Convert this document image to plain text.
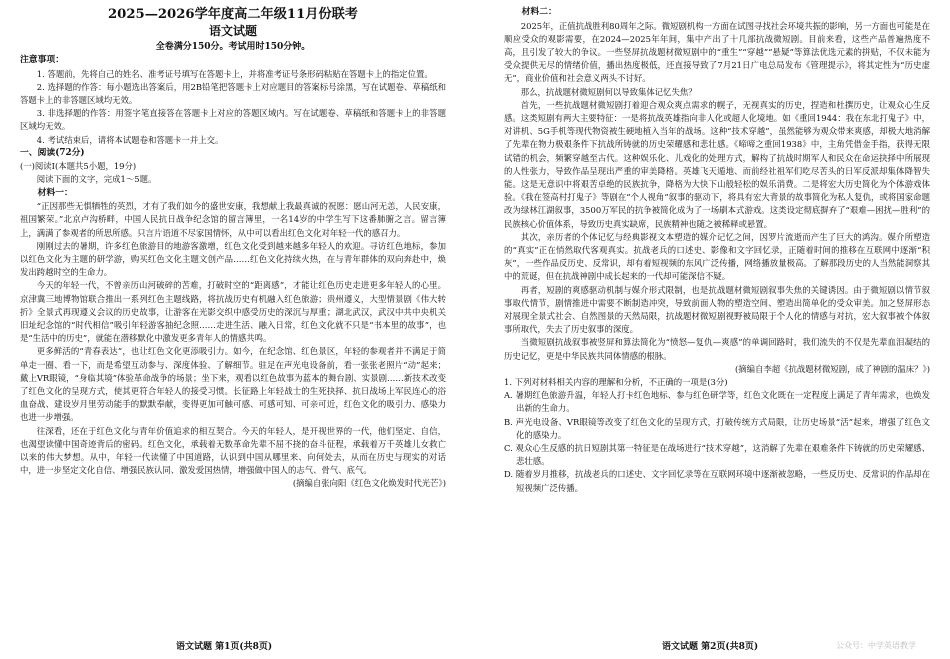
2025—2026学年度高二年级11月份联考
语文试题
全卷满分150分。考试用时150分钟。
注意事项：

1. 答题前，先将自己的姓名、准考证号填写在答题卡上，并将准考证号条形码粘贴在答题卡上的指定位置。

2. 选择题的作答：每小题选出答案后，用2B铅笔把答题卡上对应题目的答案标号涂黑，写在试题卷、草稿纸和答题卡上的非答题区域均无效。

3. 非选择题的作答：用签字笔直接答在答题卡上对应的答题区域内。写在试题卷、草稿纸和答题卡上的非答题区域均无效。

4. 考试结束后，请将本试题卷和答题卡一并上交。

一、阅读(72分)

(一)阅读Ⅰ(本题共5小题，19分)

阅读下面的文字，完成1～5题。

材料一：

“正因那些无惧牺牲的英烈，才有了我们如今的盛世安康，我想献上我最真诚的祝愿：愿山河无恙，人民安康，祖国繁荣。”北京卢沟桥畔，中国人民抗日战争纪念馆的留言簿里，一名14岁的中学生写下这番肺腑之言。留言簿上，满满了参观者的所思所感。只言片语道不尽家国情怀，从中可以看出红色文化对年轻一代的感召力。

刚刚过去的暑期，许多红色旅游目的地游客激增，红色文化受到越来越多年轻人的欢迎。寻访红色地标，参加以红色文化为主题的研学游，购买红色文化主题文创产品……红色文化持续火热，在与青年群体的双向奔赴中，焕发出跨越时空的生命力。

今天的年轻一代，不曾亲历山河破碎的苦难，打破时空的“距离感”，才能让红色历史走进更多年轻人的心里。京津冀三地博物馆联合推出一系列红色主题线路，将抗战历史有机融入红色旅游；贵州遵义，大型情景剧《伟大转折》全景式再现遵义会议的历史故事，让游客在光影交织中感受历史的深沉与厚重；湖北武汉，武汉中共中央机关旧址纪念馆的“时代相信”吸引年轻游客抽纪念照……走进生活、融入日常，红色文化就不只是“书本里的故事”，也是“生活中的历史”，就能在潜移默化中激发更多青年人的情感共鸣。

更多鲜活的“青春表达”，也让红色文化更添吸引力。如今，在纪念馆、红色景区，年轻的参观者并不满足于简单走一圈、看一下，而是希望互动参与、深度体验、了解细节。驻足在声光电设备前，看一张张老照片“动”起来；戴上VR眼镜，“身临其境”体验革命战争的场景；坐下来，观看以红色故事为蓝本的舞台剧、实景剧……新技术改变了红色文化的呈现方式，使其更符合年轻人的接受习惯。长征路上年轻战士的生死抉择、抗日战场上军民连心的浴血奋战、建设岁月里劳动能手的默默奉献，变得更加可触可感、可感可知、可亲可近，红色文化的吸引力、感染力也进一步增强。

往深看，还在于红色文化与青年价值追求的相互契合。今天的年轻人，是开视世界的一代，他们坚定、自信，也渴望读懂中国奇迹背后的密码。红色文化，承载着无数革命先辈不屈不挠的奋斗征程，承载着万千英雄儿女救亡以来的伟大梦想。从中，年轻一代读懂了中国道路，认识到中国从哪里来、向何处去，从而在历史与现实的对话中，进一步坚定文化自信、增强民族认同、激发爱国热情，增强做中国人的志气、骨气、底气。

(摘编自张向阳《红色文化焕发时代光芒》)

材料二：

2025年，正值抗战胜利80周年之际。微短剧机构一方面在试图寻找社会环境共振的影响，另一方面也可能是在顺应受众的观影需要，在2024—2025年年间，集中产出了十几部抗战微短剧。目前来看，这些产品普遍热度不高，且引发了较大的争议。一些竖屏抗战题材微短剧中的“重生”“穿越”“悬疑”等算法优选元素的拼贴，不仅未能为受众提供无尽的情绪价值，播出热度极低，还直接导致了7月21日广电总局发布《管理提示》，将其定性为“历史虚无”，商业价值和社会意义两头不讨好。

那么，抗战题材微短剧何以导致集体记忆失焦？

首先，一些抗战题材微短剧打着迎合观众爽点需求的幌子，无视真实的历史，捏造和杜撰历史，让观众心生反感。这类短剧有两大主要特征：一是将抗战英雄指向非人化或超人化境地。如《重回1944：我在东北打鬼子》中，对讲机、5G手机等现代物资被生硬地植入当年的战场。这种“技术穿越”，虽然能够为观众带来爽感，却极大地消解了先辈在物力极艰条件下抗战所铸就的历史荣耀感和悲壮感。《啼啼之重回1938》中，主角凭借金手指，获得无限试错的机会，频繁穿越至古代。这种娱乐化、儿戏化的处理方式，解构了抗战时期军人和民众在命运抉择中所展现的人性张力，导致作品呈现出严重的审美降格。英雄飞天遁地、而前经社祖军们吃尽苦头的日军反派却集体降智失能。这是无意识中将艰苦卓绝的民族抗争，降格为大快下山般轻松的娱乐消费。二是将宏大历史简化为个体游戏体验。《我在签高村打鬼子》等剧在“个人视角”叙事的驱动下，将具有宏大背景的故事简化为私人复仇，或将国家命题改为绿林江湖叙事，3500万军民的抗争被简化成为了一场刷本式游戏。这类设定彻底摒弃了“艰难—困扰—胜利”的民族核心价值体系，导致历史真实缺席，民族精神也随之被稀释或悬置。

其次，亲历者的个体记忆与经典影视文本塑造的媒介记忆之间，因罗片流逝而产生了巨大的鸿沟。媒介所塑造的“真实”正在悄然取代客观真实。抗战老兵的口述史、影像和文字回忆录，正随着时间的推移在互联网中逐渐“积灰”，一些作品反历史、反常识，却有着短视频的东风广泛传播，网络播放量极高。了解那段历史的人当然能洞察其中的荒诞，但在抗战神剧中成长起来的一代却可能深信不疑。

再者，短剧的爽感驱动机制与媒介形式限制，也是抗战题材微短剧叙事失焦的关键诱因。由于微短剧以情节叙事取代情节，剧情推进中需要不断制造冲突，导致前面人物的塑造空间、塑造出简单化的受众审美。加之竖屏形态对展现全景式社会、自然图景的天然局限，抗战题材微短剧视野被局限于个人化的情感与对抗，宏大叙事被个体叙事所取代，失去了历史叙事的深度。

当微短剧抗战叙事被竖屏和算法简化为“愤怒—复仇—爽感”的单调回路时，我们流失的不仅是先辈血泪凝结的历史记忆，更是中华民族共同体情感的根脉。

(摘编自李超《抗战题材微短剧，成了神剧的温床？》)

1. 下列对材料相关内容的理解和分析，不正确的一项是(3分)

A. 暑期红色旅游升温，年轻人打卡红色地标、参与红色研学等，红色文化既在一定程度上满足了青年需求，也焕发出新的生命力。

B. 声光电设备、VR眼镜等改变了红色文化的呈现方式，打破传统方式局限，让历史场景“活”起来，增强了红色文化的感染力。

C. 观众心生反感的抗日短剧其第一特征是在战场进行“技术穿越”，这消解了先辈在艰难条件下铸就的历史荣耀感、悲壮感。

D. 随着岁月推移，抗战老兵的口述史、文字回忆录等在互联网环境中逐渐被忽略，一些反历史、反常识的作品却在短视频广泛传播。

语文试题 第1页(共8页)	语文试题 第2页(共8页)	公众号：中学英语教学
